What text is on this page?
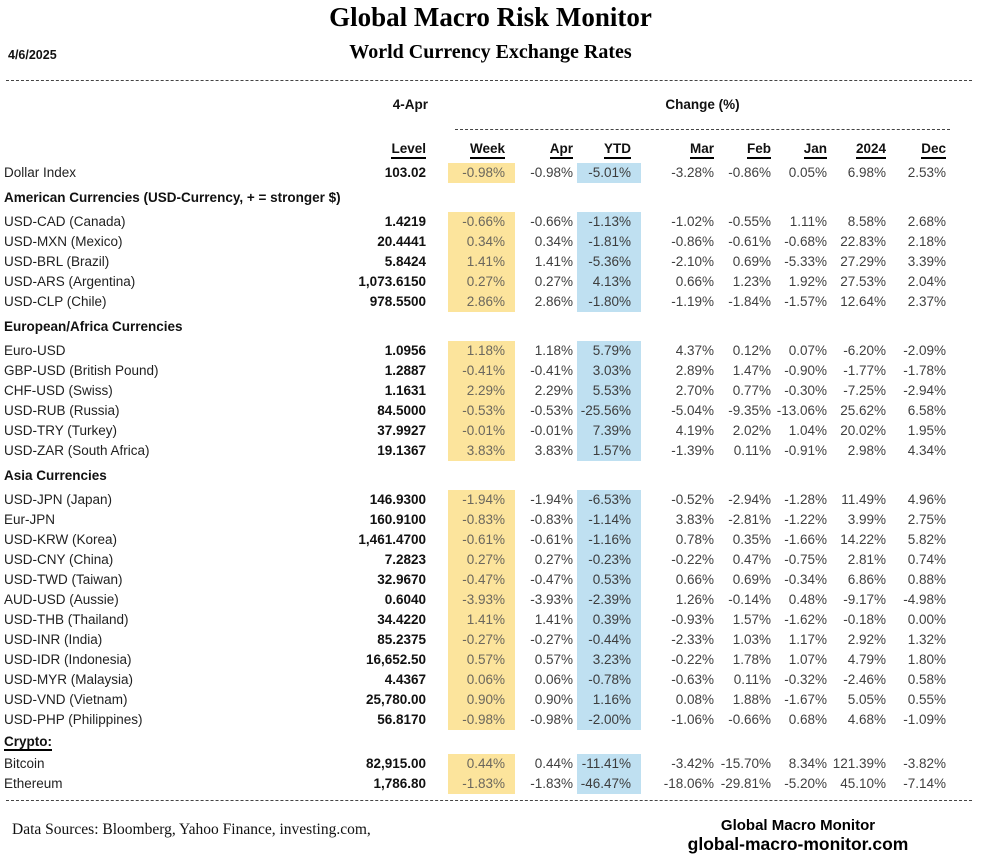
Global Macro Risk Monitor
4/6/2025	World Currency Exchange Rates
4-Apr	Change (%)
Level	Week	Apr	YTD	Mar	Feb	Jan	2024	Dec
Dollar Index	103.02	-0.98%	-0.98%	-5.01%	-3.28%	-0.86%	0.05%	6.98%	2.53%
American Currencies (USD-Currency, + = stronger $)
USD-CAD (Canada)	1.4219	-0.66%	-0.66%	-1.13%	-1.02%	-0.55%	1.11%	8.58%	2.68%
USD-MXN (Mexico)	20.4441	0.34%	0.34%	-1.81%	-0.86%	-0.61% -0.68% 22.83%	2.18%
USD-BRL (Brazil)	5.8424	1.41%	1.41%	-5.36%	-2.10%	0.69% -5.33% 27.29%	3.39%
USD-ARS (Argentina)	1,073.6150	0.27%	0.27%	4.13%	0.66%	1.23%	1.92% 27.53%	2.04%
USD-CLP (Chile)	978.5500	2.86%	2.86%	-1.80%	-1.19%	-1.84% -1.57% 12.64%	2.37%
European/Africa Currencies
Euro-USD	1.0956	1.18%	1.18%	5.79%	4.37%	0.12%	0.07%	-6.20%	-2.09%
GBP-USD (British Pound)	1.2887	-0.41%	-0.41%	3.03%	2.89%	1.47% -0.90%	-1.77%	-1.78%
CHF-USD (Swiss)	1.1631	2.29%	2.29%	5.53%	2.70%	0.77% -0.30%	-7.25%	-2.94%
USD-RUB (Russia)	84.5000	-0.53%	-0.53% -25.56%	-5.04%	-9.35% -13.06% 25.62%	6.58%
USD-TRY (Turkey)	37.9927	-0.01%	-0.01%	7.39%	4.19%	2.02%	1.04% 20.02%	1.95%
USD-ZAR (South Africa)	19.1367	3.83%	3.83%	1.57%	-1.39%	0.11% -0.91%	2.98%	4.34%
Asia Currencies
USD-JPN (Japan)	146.9300	-1.94%	-1.94%	-6.53%	-0.52%	-2.94% -1.28%	11.49%	4.96%
Eur-JPN	160.9100	-0.83%	-0.83%	-1.14%	3.83%	-2.81% -1.22%	3.99%	2.75%
USD-KRW (Korea)	1,461.4700	-0.61%	-0.61%	-1.16%	0.78%	0.35% -1.66% 14.22%	5.82%
USD-CNY (China)	7.2823	0.27%	0.27%	-0.23%	-0.22%	0.47% -0.75%	2.81%	0.74%
USD-TWD (Taiwan)	32.9670	-0.47%	-0.47%	0.53%	0.66%	0.69% -0.34%	6.86%	0.88%
AUD-USD (Aussie)	0.6040	-3.93%	-3.93%	-2.39%	1.26%	-0.14%	0.48%	-9.17%	-4.98%
USD-THB (Thailand)	34.4220	1.41%	1.41%	0.39%	-0.93%	1.57% -1.62%	-0.18%	0.00%
USD-INR (India)	85.2375	-0.27%	-0.27%	-0.44%	-2.33%	1.03%	1.17%	2.92%	1.32%
USD-IDR (Indonesia)	16,652.50	0.57%	0.57%	3.23%	-0.22%	1.78%	1.07%	4.79%	1.80%
USD-MYR (Malaysia)	4.4367	0.06%	0.06%	-0.78%	-0.63%	0.11% -0.32%	-2.46%	0.58%
USD-VND (Vietnam)	25,780.00	0.90%	0.90%	1.16%	0.08%	1.88% -1.67%	5.05%	0.55%
USD-PHP (Philippines)	56.8170	-0.98%	-0.98%	-2.00%	-1.06%	-0.66%	0.68%	4.68%	-1.09%
Crypto:
Bitcoin	82,915.00	0.44%	0.44% -11.41%	-3.42% -15.70%	8.34% 121.39%	-3.82%
Ethereum	1,786.80	-1.83%	-1.83% -46.47%	-18.06% -29.81% -5.20% 45.10%	-7.14%
Data Sources: Bloomberg, Yahoo Finance, investing.com,	Global Macro Monitor
global-macro-monitor.com
